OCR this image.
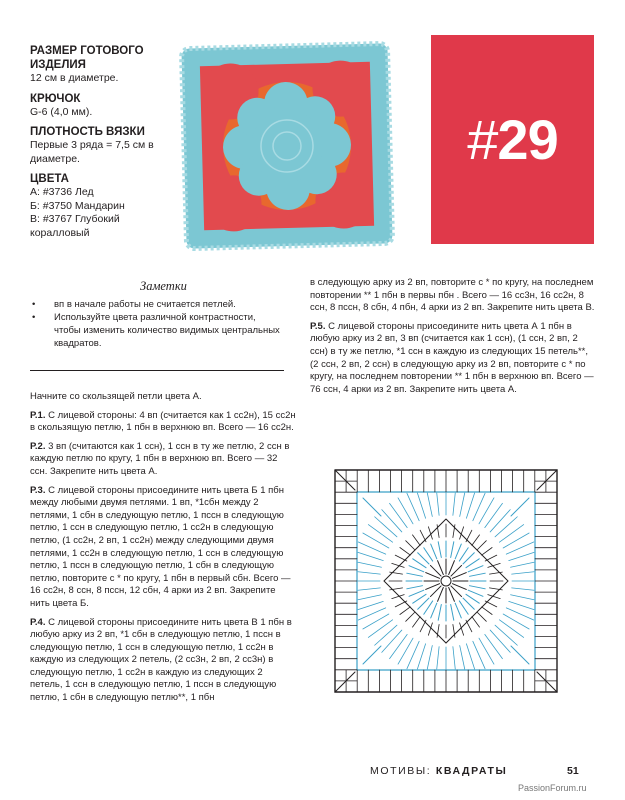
РАЗМЕР ГОТОВОГО ИЗДЕЛИЯ
12 см в диаметре.
КРЮЧОК
G-6 (4,0 мм).
ПЛОТНОСТЬ ВЯЗКИ
Первые 3 ряда = 7,5 см в диаметре.
ЦВЕТА
А: #3736 Лед
Б: #3750 Мандарин
В: #3767 Глубокий коралловый
#29
Заметки
•	вп в начале работы не считается петлей.
•	Используйте цвета различной контрастности, чтобы изменить количество видимых центральных квадратов.

Начните со скользящей петли цвета А.

Р.1. С лицевой стороны: 4 вп (считается как 1 сс2н), 15 сс2н в скользящую петлю, 1 пбн в верхнюю вп. Всего — 16 сс2н.

Р.2. 3 вп (считаются как 1 ссн), 1 ссн в ту же петлю, 2 ссн в каждую петлю по кругу, 1 пбн в верхнюю вп. Всего — 32 ссн. Закрепите нить цвета А.

Р.3. С лицевой стороны присоедините нить цвета Б 1 пбн между любыми двумя петлями. 1 вп, *1сбн между 2 петлями, 1 сбн в следующую петлю, 1 пссн в следующую петлю, 1 ссн в следующую петлю, 1 сс2н в следующую петлю, (1 сс2н, 2 вп, 1 сс2н) между следующими двумя петлями, 1 сс2н в следующую петлю, 1 ссн в следующую петлю, 1 пссн в следующую петлю, 1 сбн в следующую петлю, повторите с * по кругу, 1 пбн в первый сбн. Всего — 16 сс2н, 8 ссн, 8 пссн, 12 сбн, 4 арки из 2 вп. Закрепите нить цвета Б.

Р.4. С лицевой стороны присоедините нить цвета В 1 пбн в любую арку из 2 вп, *1 сбн в следующую петлю, 1 пссн в следующую петлю, 1 ссн в следующую петлю, 1 сс2н в каждую из следующих 2 петель, (2 сс3н, 2 вп, 2 сс3н) в следующую петлю, 1 сс2н в каждую из следующих 2 петель, 1 ссн в следующую петлю, 1 пссн в следующую петлю, 1 сбн в следующую петлю**, 1 пбн

в следующую арку из 2 вп, повторите с * по кругу, на последнем повторении ** 1 пбн в первы пбн . Всего — 16 сс3н, 16 сс2н, 8 ссн, 8 пссн, 8 сбн, 4 пбн, 4 арки из 2 вп. Закрепите нить цвета В.

Р.5. С лицевой стороны присоедините нить цвета А 1 пбн в любую арку из 2 вп, 3 вп (считается как 1 ссн), (1 ссн, 2 вп, 2 ссн) в ту же петлю, *1 ссн в каждую из следующих 15 петель**, (2 ссн, 2 вп, 2 ссн) в следующую арку из 2 вп, повторите с * по кругу, на последнем повторении ** 1 пбн в верхнюю вп. Всего — 76 ссн, 4 арки из 2 вп. Закрепите нить цвета А.

МОТИВЫ: КВАДРАТЫ	51
PassionForum.ru
